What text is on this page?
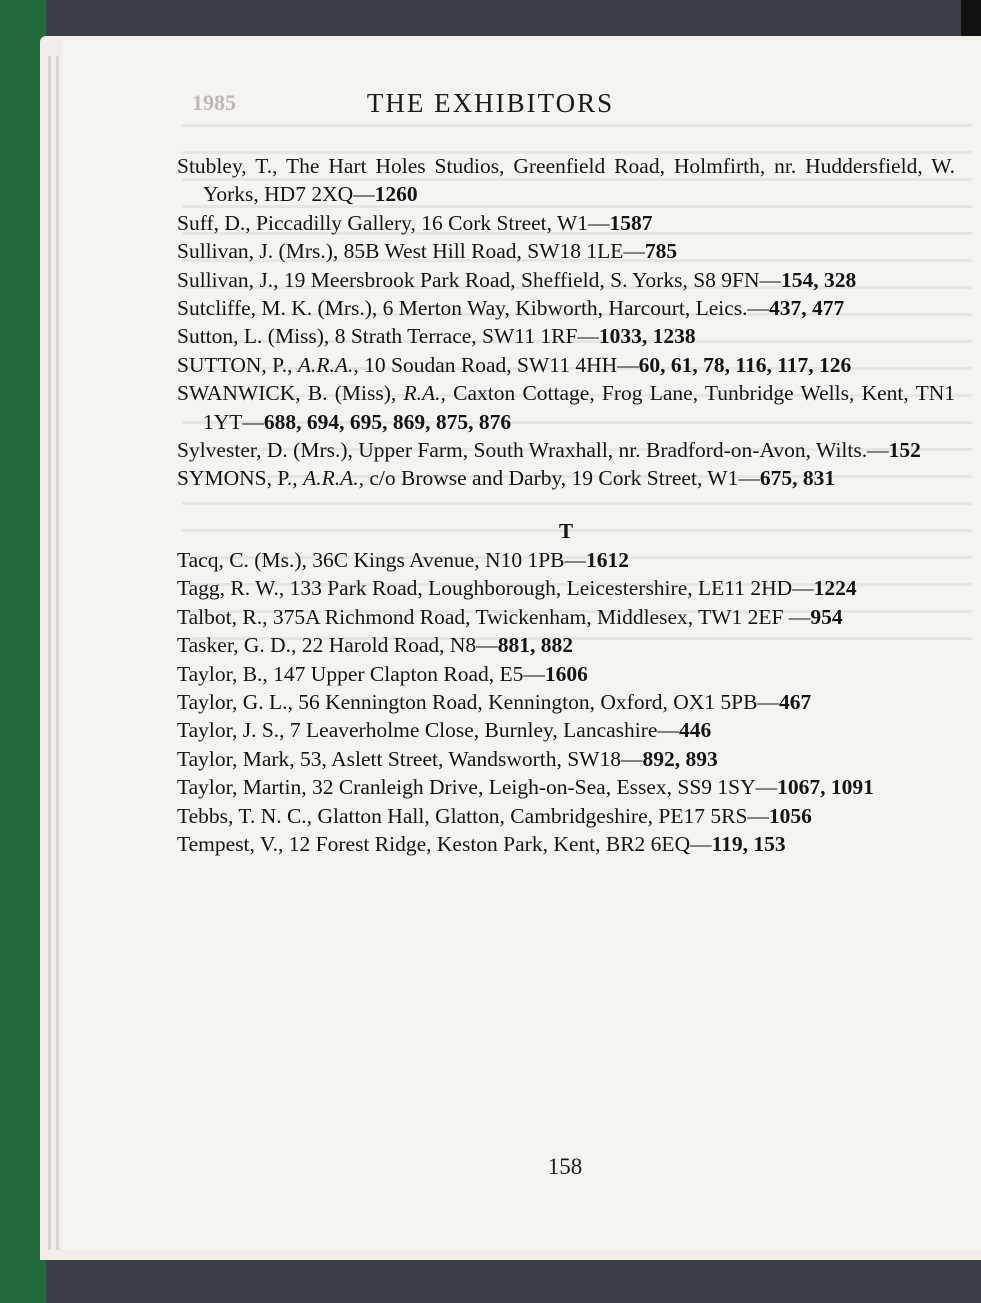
1985	THE EXHIBITORS
Stubley, T., The Hart Holes Studios, Greenfield Road, Holmfirth, nr. Huddersfield, W. Yorks, HD7 2XQ—1260
Suff, D., Piccadilly Gallery, 16 Cork Street, W1—1587
Sullivan, J. (Mrs.), 85B West Hill Road, SW18 1LE—785
Sullivan, J., 19 Meersbrook Park Road, Sheffield, S. Yorks, S8 9FN—154, 328
Sutcliffe, M. K. (Mrs.), 6 Merton Way, Kibworth, Harcourt, Leics.—437, 477
Sutton, L. (Miss), 8 Strath Terrace, SW11 1RF—1033, 1238
SUTTON, P., A.R.A., 10 Soudan Road, SW11 4HH—60, 61, 78, 116, 117, 126
SWANWICK, B. (Miss), R.A., Caxton Cottage, Frog Lane, Tunbridge Wells, Kent, TN1 1YT—688, 694, 695, 869, 875, 876
Sylvester, D. (Mrs.), Upper Farm, South Wraxhall, nr. Bradford-on-Avon, Wilts.—152
SYMONS, P., A.R.A., c/o Browse and Darby, 19 Cork Street, W1—675, 831
T
Tacq, C. (Ms.), 36C Kings Avenue, N10 1PB—1612
Tagg, R. W., 133 Park Road, Loughborough, Leicestershire, LE11 2HD—1224
Talbot, R., 375A Richmond Road, Twickenham, Middlesex, TW1 2EF —954
Tasker, G. D., 22 Harold Road, N8—881, 882
Taylor, B., 147 Upper Clapton Road, E5—1606
Taylor, G. L., 56 Kennington Road, Kennington, Oxford, OX1 5PB—467
Taylor, J. S., 7 Leaverholme Close, Burnley, Lancashire—446
Taylor, Mark, 53, Aslett Street, Wandsworth, SW18—892, 893
Taylor, Martin, 32 Cranleigh Drive, Leigh-on-Sea, Essex, SS9 1SY—1067, 1091
Tebbs, T. N. C., Glatton Hall, Glatton, Cambridgeshire, PE17 5RS—1056
Tempest, V., 12 Forest Ridge, Keston Park, Kent, BR2 6EQ—119, 153
158
